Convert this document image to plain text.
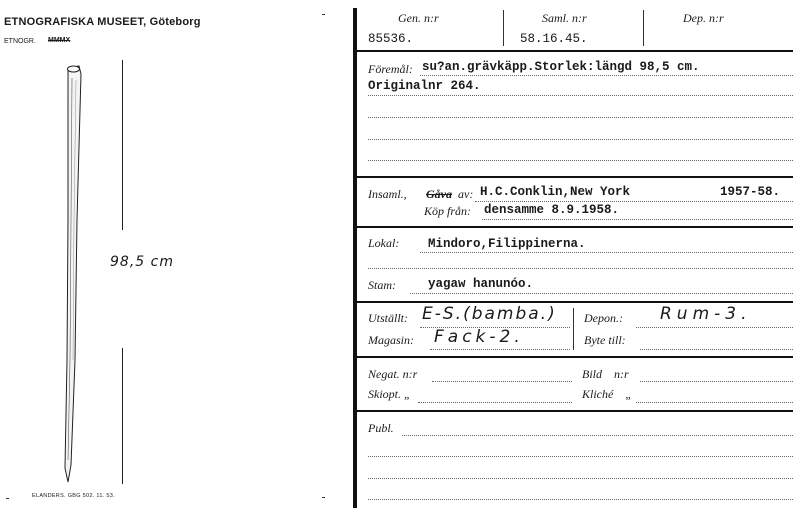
ETNOGRAFISKA MUSEET, Göteborg
ETNOGR. MMMX
98,5 cm
ELANDERS. GBG 502. 11. 53.
Gen. n:r
85536.
Saml. n:r
58.16.45.
Dep. n:r
Föremål: su?an.grävkäpp.Storlek:längd 98,5 cm.
Originalnr 264.
Insaml., Gåva av: H.C.Conklin,New York	1957-58.
Köp från: densamme 8.9.1958.
Lokal: Mindoro,Filippinerna.
Stam:	yagaw hanunóo.
Utställt: E-S.(bamba.) Depon.: Rum-3.
Magasin: Fack-2.	Byte till:
Negat. n:r	Bild    n:r
Skiopt. „	Kliché    „
Publ.
